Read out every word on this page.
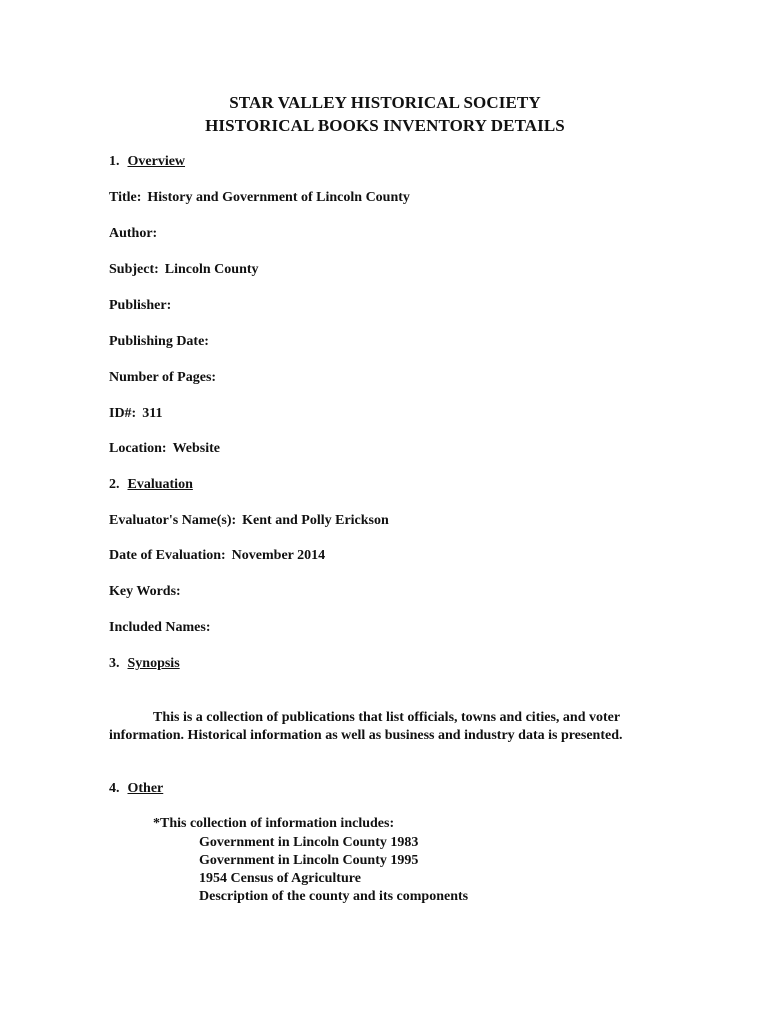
STAR VALLEY HISTORICAL SOCIETY
HISTORICAL BOOKS INVENTORY DETAILS
1. Overview
Title: History and Government of Lincoln County
Author:
Subject: Lincoln County
Publisher:
Publishing Date:
Number of Pages:
ID#: 311
Location: Website
2. Evaluation
Evaluator's Name(s): Kent and Polly Erickson
Date of Evaluation: November 2014
Key Words:
Included Names:
3. Synopsis
This is a collection of publications that list officials, towns and cities, and voter information. Historical information as well as business and industry data is presented.
4. Other
*This collection of information includes:
Government in Lincoln County 1983
Government in Lincoln County 1995
1954 Census of Agriculture
Description of the county and its components
